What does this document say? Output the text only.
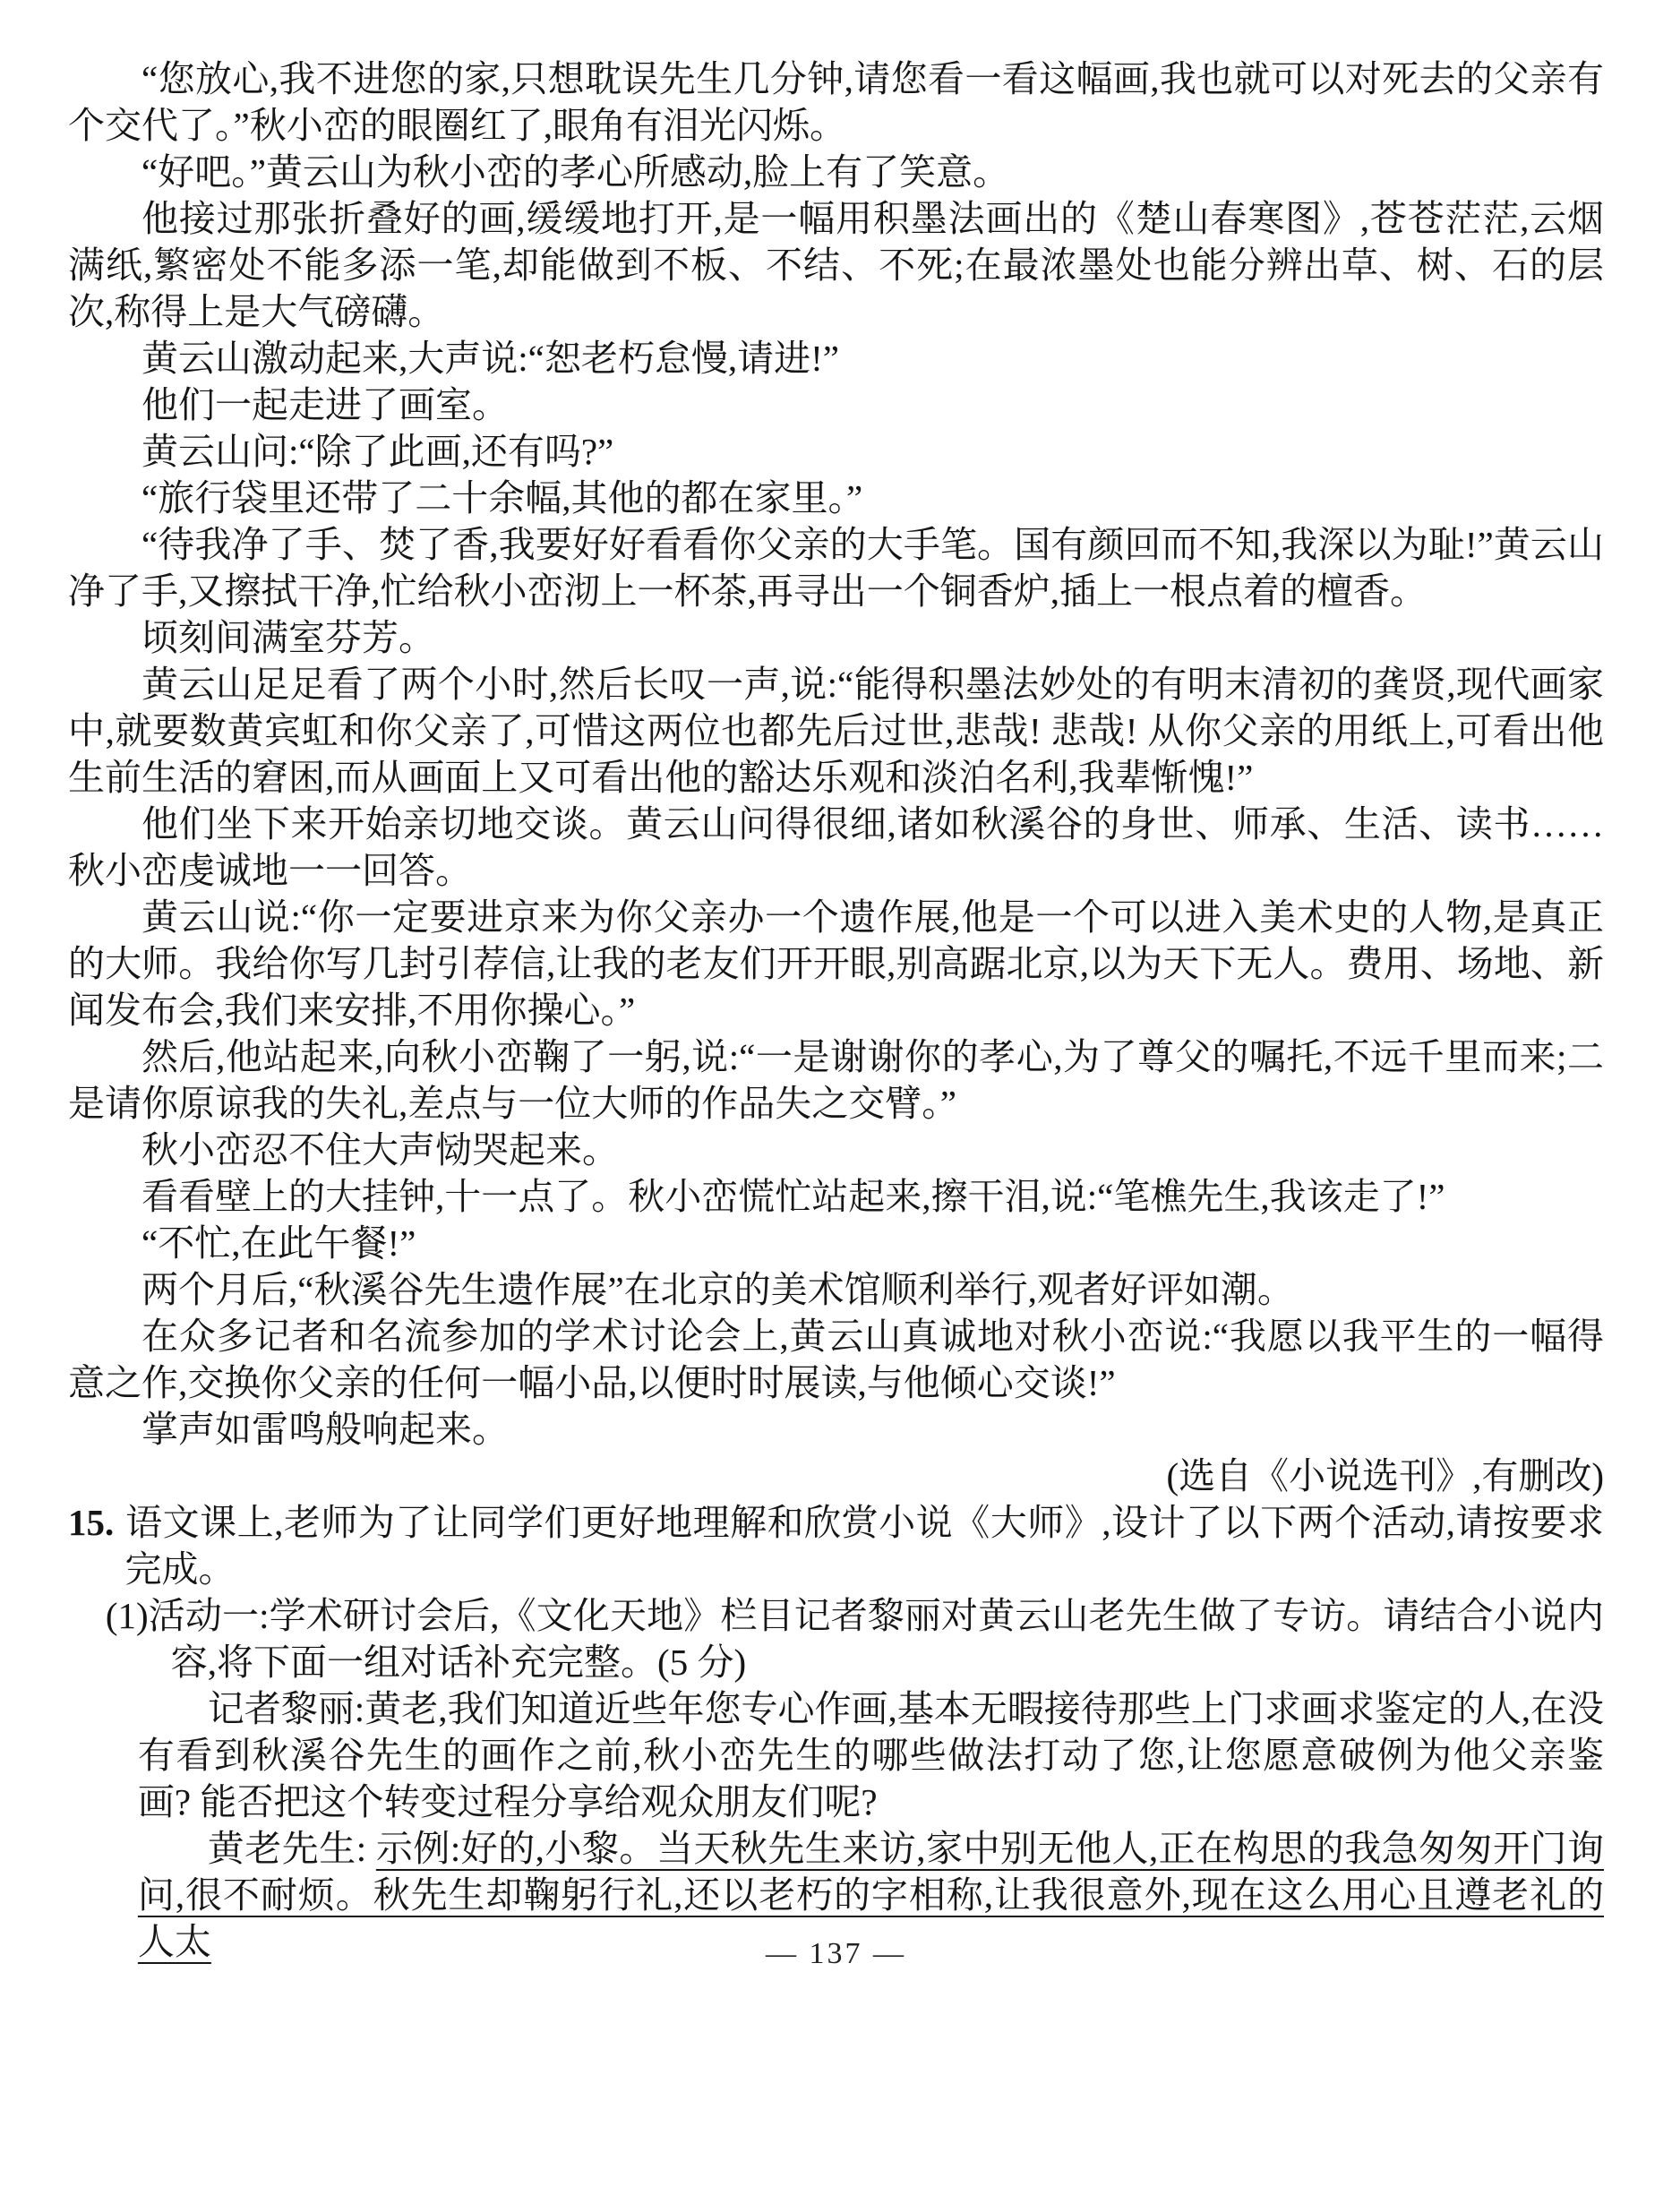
“您放心,我不进您的家,只想耽误先生几分钟,请您看一看这幅画,我也就可以对死去的父亲有个交代了。”秋小峦的眼圈红了,眼角有泪光闪烁。

“好吧。”黄云山为秋小峦的孝心所感动,脸上有了笑意。

他接过那张折叠好的画,缓缓地打开,是一幅用积墨法画出的《楚山春寒图》,苍苍茫茫,云烟满纸,繁密处不能多添一笔,却能做到不板、不结、不死;在最浓墨处也能分辨出草、树、石的层次,称得上是大气磅礴。

黄云山激动起来,大声说:“恕老朽怠慢,请进!”

他们一起走进了画室。

黄云山问:“除了此画,还有吗?”

“旅行袋里还带了二十余幅,其他的都在家里。”

“待我净了手、焚了香,我要好好看看你父亲的大手笔。国有颜回而不知,我深以为耻!”黄云山净了手,又擦拭干净,忙给秋小峦沏上一杯茶,再寻出一个铜香炉,插上一根点着的檀香。

顷刻间满室芬芳。

黄云山足足看了两个小时,然后长叹一声,说:“能得积墨法妙处的有明末清初的龚贤,现代画家中,就要数黄宾虹和你父亲了,可惜这两位也都先后过世,悲哉! 悲哉! 从你父亲的用纸上,可看出他生前生活的窘困,而从画面上又可看出他的豁达乐观和淡泊名利,我辈惭愧!”

他们坐下来开始亲切地交谈。黄云山问得很细,诸如秋溪谷的身世、师承、生活、读书……秋小峦虔诚地一一回答。

黄云山说:“你一定要进京来为你父亲办一个遗作展,他是一个可以进入美术史的人物,是真正的大师。我给你写几封引荐信,让我的老友们开开眼,别高踞北京,以为天下无人。费用、场地、新闻发布会,我们来安排,不用你操心。”

然后,他站起来,向秋小峦鞠了一躬,说:“一是谢谢你的孝心,为了尊父的嘱托,不远千里而来;二是请你原谅我的失礼,差点与一位大师的作品失之交臂。”

秋小峦忍不住大声恸哭起来。

看看壁上的大挂钟,十一点了。秋小峦慌忙站起来,擦干泪,说:“笔樵先生,我该走了!”

“不忙,在此午餐!”

两个月后,“秋溪谷先生遗作展”在北京的美术馆顺利举行,观者好评如潮。

在众多记者和名流参加的学术讨论会上,黄云山真诚地对秋小峦说:“我愿以我平生的一幅得意之作,交换你父亲的任何一幅小品,以便时时展读,与他倾心交谈!”

掌声如雷鸣般响起来。

(选自《小说选刊》,有删改)

15. 语文课上,老师为了让同学们更好地理解和欣赏小说《大师》,设计了以下两个活动,请按要求完成。

(1)活动一:学术研讨会后,《文化天地》栏目记者黎丽对黄云山老先生做了专访。请结合小说内容,将下面一组对话补充完整。(5 分)

记者黎丽:黄老,我们知道近些年您专心作画,基本无暇接待那些上门求画求鉴定的人,在没有看到秋溪谷先生的画作之前,秋小峦先生的哪些做法打动了您,让您愿意破例为他父亲鉴画? 能否把这个转变过程分享给观众朋友们呢?

黄老先生: 示例:好的,小黎。当天秋先生来访,家中别无他人,正在构思的我急匆匆开门询问,很不耐烦。秋先生却鞠躬行礼,还以老朽的字相称,让我很意外,现在这么用心且遵老礼的人太	— 137 —
